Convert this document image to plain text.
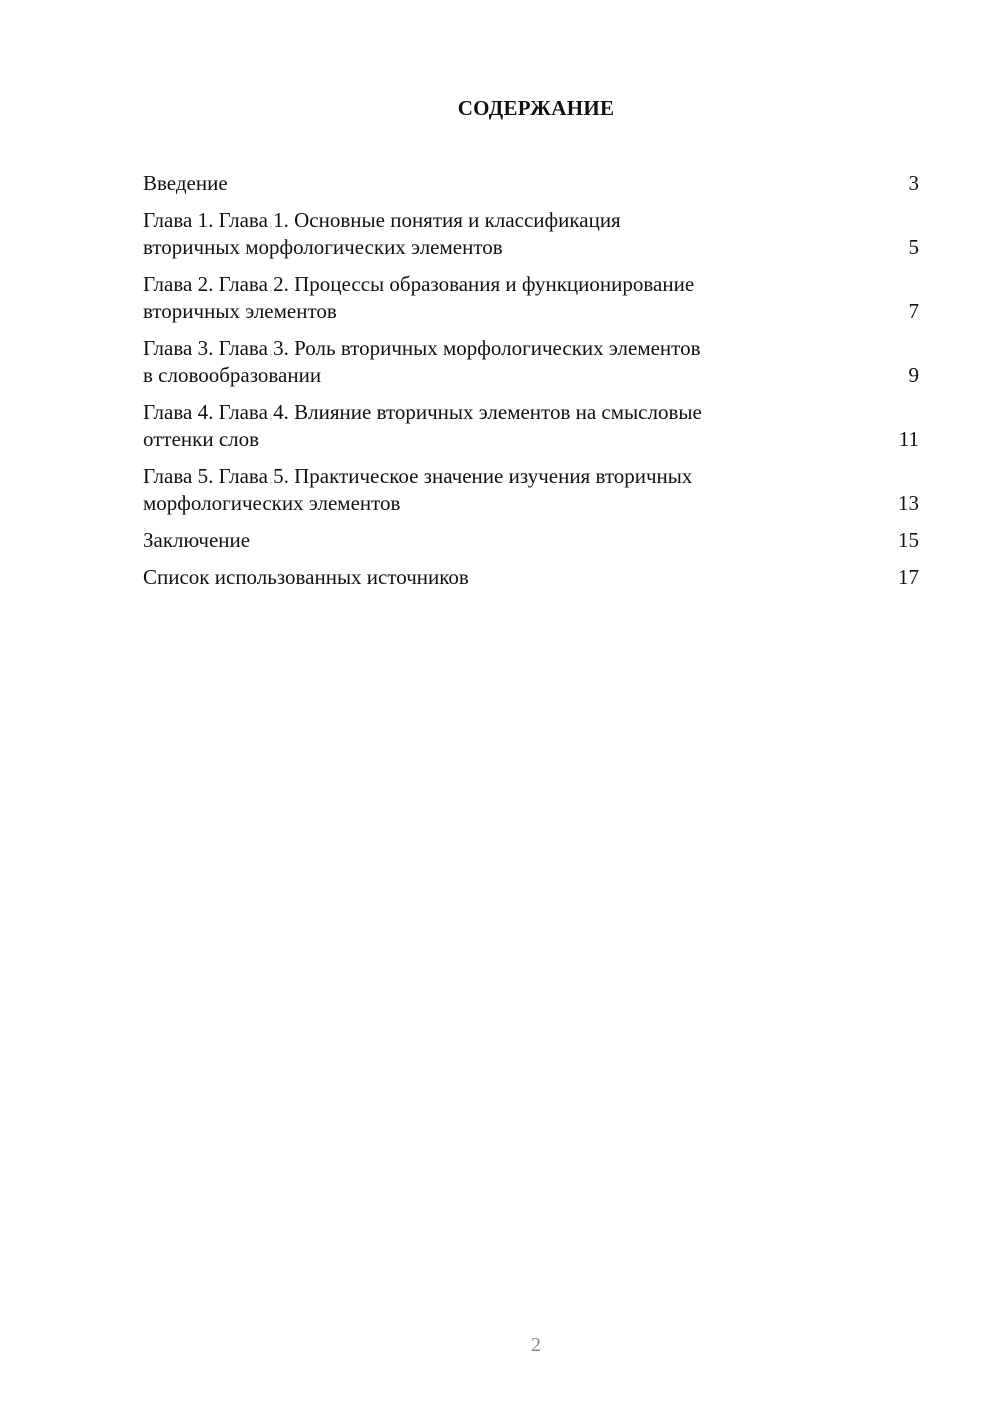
СОДЕРЖАНИЕ
Введение	3
Глава 1. Глава 1. Основные понятия и классификация
вторичных морфологических элементов	5
Глава 2. Глава 2. Процессы образования и функционирование
вторичных элементов	7
Глава 3. Глава 3. Роль вторичных морфологических элементов
в словообразовании	9
Глава 4. Глава 4. Влияние вторичных элементов на смысловые
оттенки слов	11
Глава 5. Глава 5. Практическое значение изучения вторичных
морфологических элементов	13
Заключение	15
Список использованных источников	17
2
